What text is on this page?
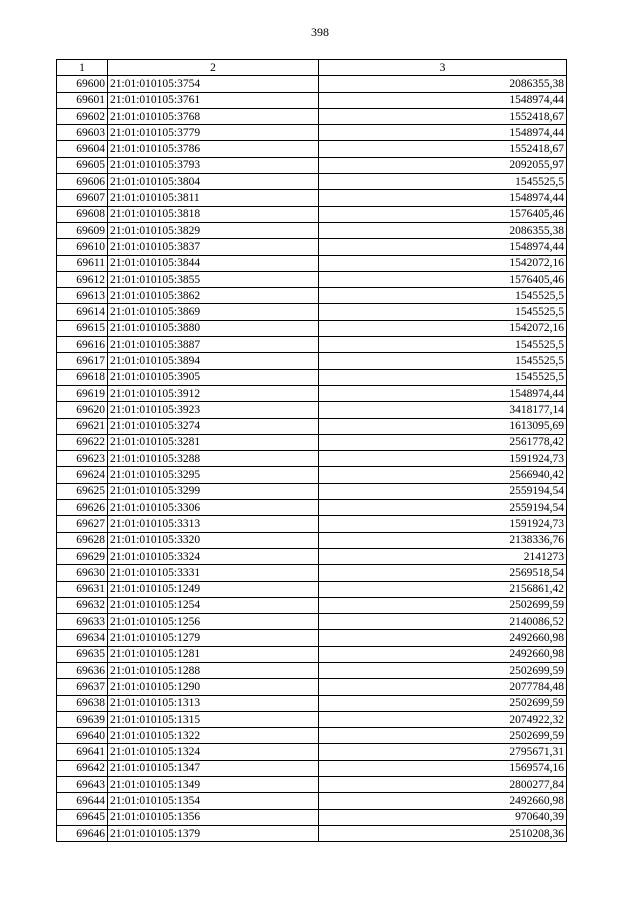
398
1	2	3
69600	21:01:010105:3754	2086355,38
69601	21:01:010105:3761	1548974,44
69602	21:01:010105:3768	1552418,67
69603	21:01:010105:3779	1548974,44
69604	21:01:010105:3786	1552418,67
69605	21:01:010105:3793	2092055,97
69606	21:01:010105:3804	1545525,5
69607	21:01:010105:3811	1548974,44
69608	21:01:010105:3818	1576405,46
69609	21:01:010105:3829	2086355,38
69610	21:01:010105:3837	1548974,44
69611	21:01:010105:3844	1542072,16
69612	21:01:010105:3855	1576405,46
69613	21:01:010105:3862	1545525,5
69614	21:01:010105:3869	1545525,5
69615	21:01:010105:3880	1542072,16
69616	21:01:010105:3887	1545525,5
69617	21:01:010105:3894	1545525,5
69618	21:01:010105:3905	1545525,5
69619	21:01:010105:3912	1548974,44
69620	21:01:010105:3923	3418177,14
69621	21:01:010105:3274	1613095,69
69622	21:01:010105:3281	2561778,42
69623	21:01:010105:3288	1591924,73
69624	21:01:010105:3295	2566940,42
69625	21:01:010105:3299	2559194,54
69626	21:01:010105:3306	2559194,54
69627	21:01:010105:3313	1591924,73
69628	21:01:010105:3320	2138336,76
69629	21:01:010105:3324	2141273
69630	21:01:010105:3331	2569518,54
69631	21:01:010105:1249	2156861,42
69632	21:01:010105:1254	2502699,59
69633	21:01:010105:1256	2140086,52
69634	21:01:010105:1279	2492660,98
69635	21:01:010105:1281	2492660,98
69636	21:01:010105:1288	2502699,59
69637	21:01:010105:1290	2077784,48
69638	21:01:010105:1313	2502699,59
69639	21:01:010105:1315	2074922,32
69640	21:01:010105:1322	2502699,59
69641	21:01:010105:1324	2795671,31
69642	21:01:010105:1347	1569574,16
69643	21:01:010105:1349	2800277,84
69644	21:01:010105:1354	2492660,98
69645	21:01:010105:1356	970640,39
69646	21:01:010105:1379	2510208,36
